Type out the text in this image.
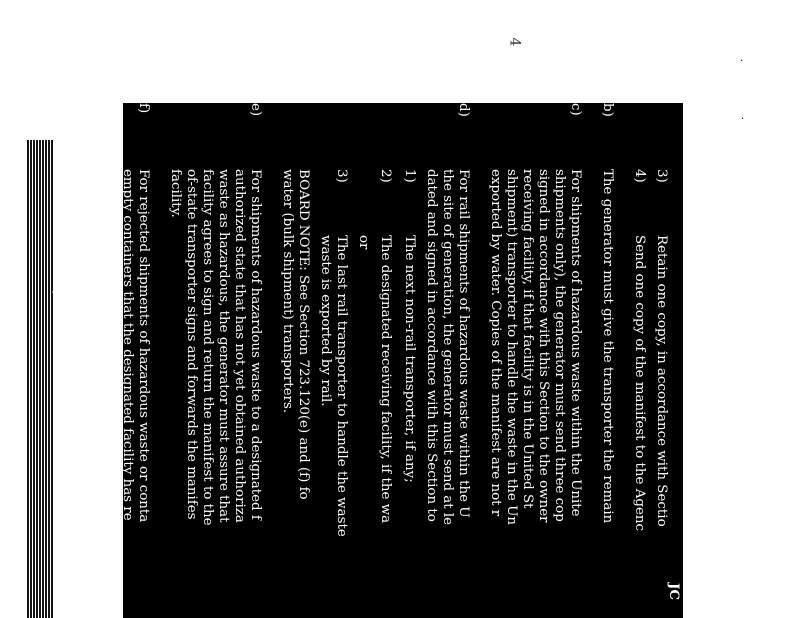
4
·
·
JC
3)
Retain one copy, in accordance with Sectio
4)
Send one copy of the manifest to the Agenc
b)
The generator must give the transporter the remain
c)
For shipments of hazardous waste within the Unite
shipments only), the generator must send three cop
signed in accordance with this Section to the owner
receiving facility, if that facility is in the United St
shipment) transporter to handle the waste in the Un
exported by water. Copies of the manifest are not r
d)
For rail shipments of hazardous waste within the U
the site of generation, the generator must send at le
dated and signed in accordance with this Section to
1)
The next non-rail transporter, if any;
2)
The designated receiving facility, if the wa
or
3)
The last rail transporter to handle the waste
waste is exported by rail.
BOARD NOTE: See Section 723.120(e) and (f) fo
water (bulk shipment) transporters.
e)
For shipments of hazardous waste to a designated f
authorized state that has not yet obtained authoriza
waste as hazardous, the generator must assure that
facility agrees to sign and return the manifest to the
of-state transporter signs and forwards the manifes
facility.
f)
For rejected shipments of hazardous waste or conta
empty containers that the designated facility has re
(following the procedures of 35 Ill. Adm. Code 72
generator must do each of the following:
1)
The generator must sign the hazardous was
8700-22) as follows:
